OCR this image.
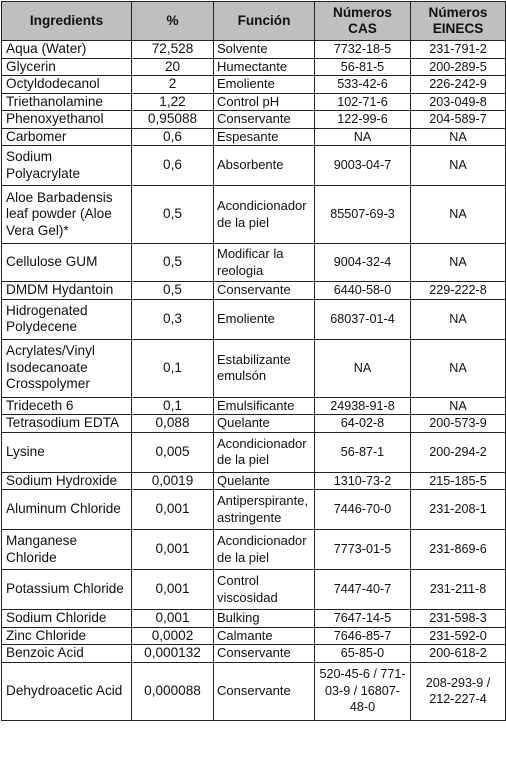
Ingredients	%	Función	Números CAS	Números EINECS
Aqua (Water)	72,528	Solvente	7732-18-5	231-791-2
Glycerin	20	Humectante	56-81-5	200-289-5
Octyldodecanol	2	Emoliente	533-42-6	226-242-9
Triethanolamine	1,22	Control pH	102-71-6	203-049-8
Phenoxyethanol	0,95088	Conservante	122-99-6	204-589-7
Carbomer	0,6	Espesante	NA	NA
Sodium Polyacrylate	0,6	Absorbente	9003-04-7	NA
Aloe Barbadensis leaf powder (Aloe Vera Gel)*	0,5	Acondicionador de la piel	85507-69-3	NA
Cellulose GUM	0,5	Modificar la reologia	9004-32-4	NA
DMDM Hydantoin	0,5	Conservante	6440-58-0	229-222-8
Hidrogenated Polydecene	0,3	Emoliente	68037-01-4	NA
Acrylates/Vinyl Isodecanoate Crosspolymer	0,1	Estabilizante emulsón	NA	NA
Trideceth 6	0,1	Emulsificante	24938-91-8	NA
Tetrasodium EDTA	0,088	Quelante	64-02-8	200-573-9
Lysine	0,005	Acondicionador de la piel	56-87-1	200-294-2
Sodium Hydroxide	0,0019	Quelante	1310-73-2	215-185-5
Aluminum Chloride	0,001	Antiperspirante, astringente	7446-70-0	231-208-1
Manganese Chloride	0,001	Acondicionador de la piel	7773-01-5	231-869-6
Potassium Chloride	0,001	Control viscosidad	7447-40-7	231-211-8
Sodium Chloride	0,001	Bulking	7647-14-5	231-598-3
Zinc Chloride	0,0002	Calmante	7646-85-7	231-592-0
Benzoic Acid	0,000132	Conservante	65-85-0	200-618-2
Dehydroacetic Acid	0,000088	Conservante	520-45-6 / 771-03-9 / 16807-48-0	208-293-9 / 212-227-4
